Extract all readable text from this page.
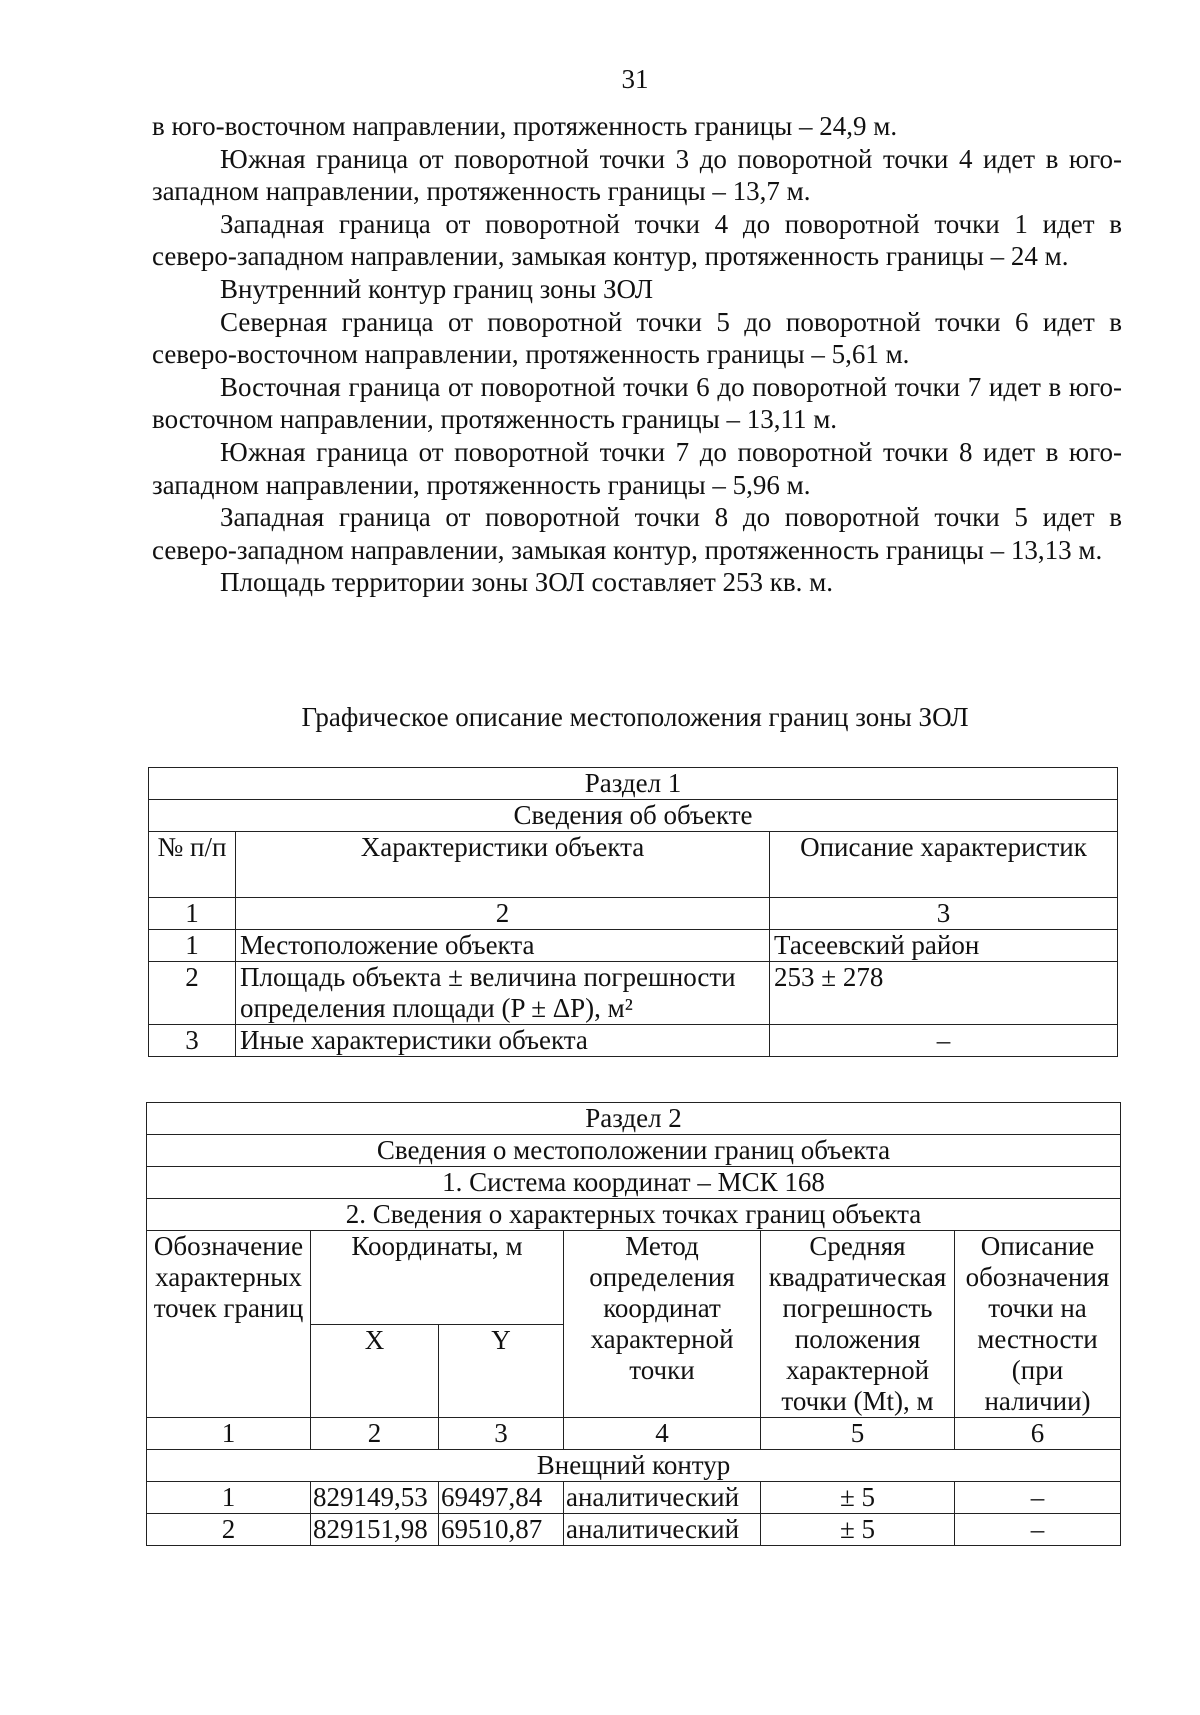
31

в юго-восточном направлении, протяженность границы – 24,9 м.

Южная граница от поворотной точки 3 до поворотной точки 4 идет в юго-западном направлении, протяженность границы – 13,7 м.

Западная граница от поворотной точки 4 до поворотной точки 1 идет в северо-западном направлении, замыкая контур, протяженность границы – 24 м.

Внутренний контур границ зоны ЗОЛ

Северная граница от поворотной точки 5 до поворотной точки 6 идет в северо-восточном направлении, протяженность границы – 5,61 м.

Восточная граница от поворотной точки 6 до поворотной точки 7 идет в юго-восточном направлении, протяженность границы – 13,11 м.

Южная граница от поворотной точки 7 до поворотной точки 8 идет в юго-западном направлении, протяженность границы – 5,96 м.

Западная граница от поворотной точки 8 до поворотной точки 5 идет в северо-западном направлении, замыкая контур, протяженность границы – 13,13 м.

Площадь территории зоны ЗОЛ составляет 253 кв. м.

Графическое описание местоположения границ зоны ЗОЛ
Раздел 1		
Сведения об объекте		
№ п/п	Характеристики объекта	Описание характеристик
1	2	3
1	Местоположение объекта	Тасеевский район
2	Площадь объекта ± величина погрешности определения площади (P ± ΔP), м²	253 ± 278
3	Иные характеристики объекта	–
Раздел 2					
Сведения о местоположении границ объекта					
1. Система координат – МСК 168					
2. Сведения о характерных точках границ объекта					
Обозначение характерных точек границ	Координаты, м		Метод определения координат характерной точки	Средняя квадратическая погрешность положения характерной точки (Mt), м	Описание обозначения точки на местности (при наличии)
	X	Y			
1	2	3	4	5	6
Внещний контур					
1	829149,53	69497,84	аналитический	± 5	–
2	829151,98	69510,87	аналитический	± 5	–
